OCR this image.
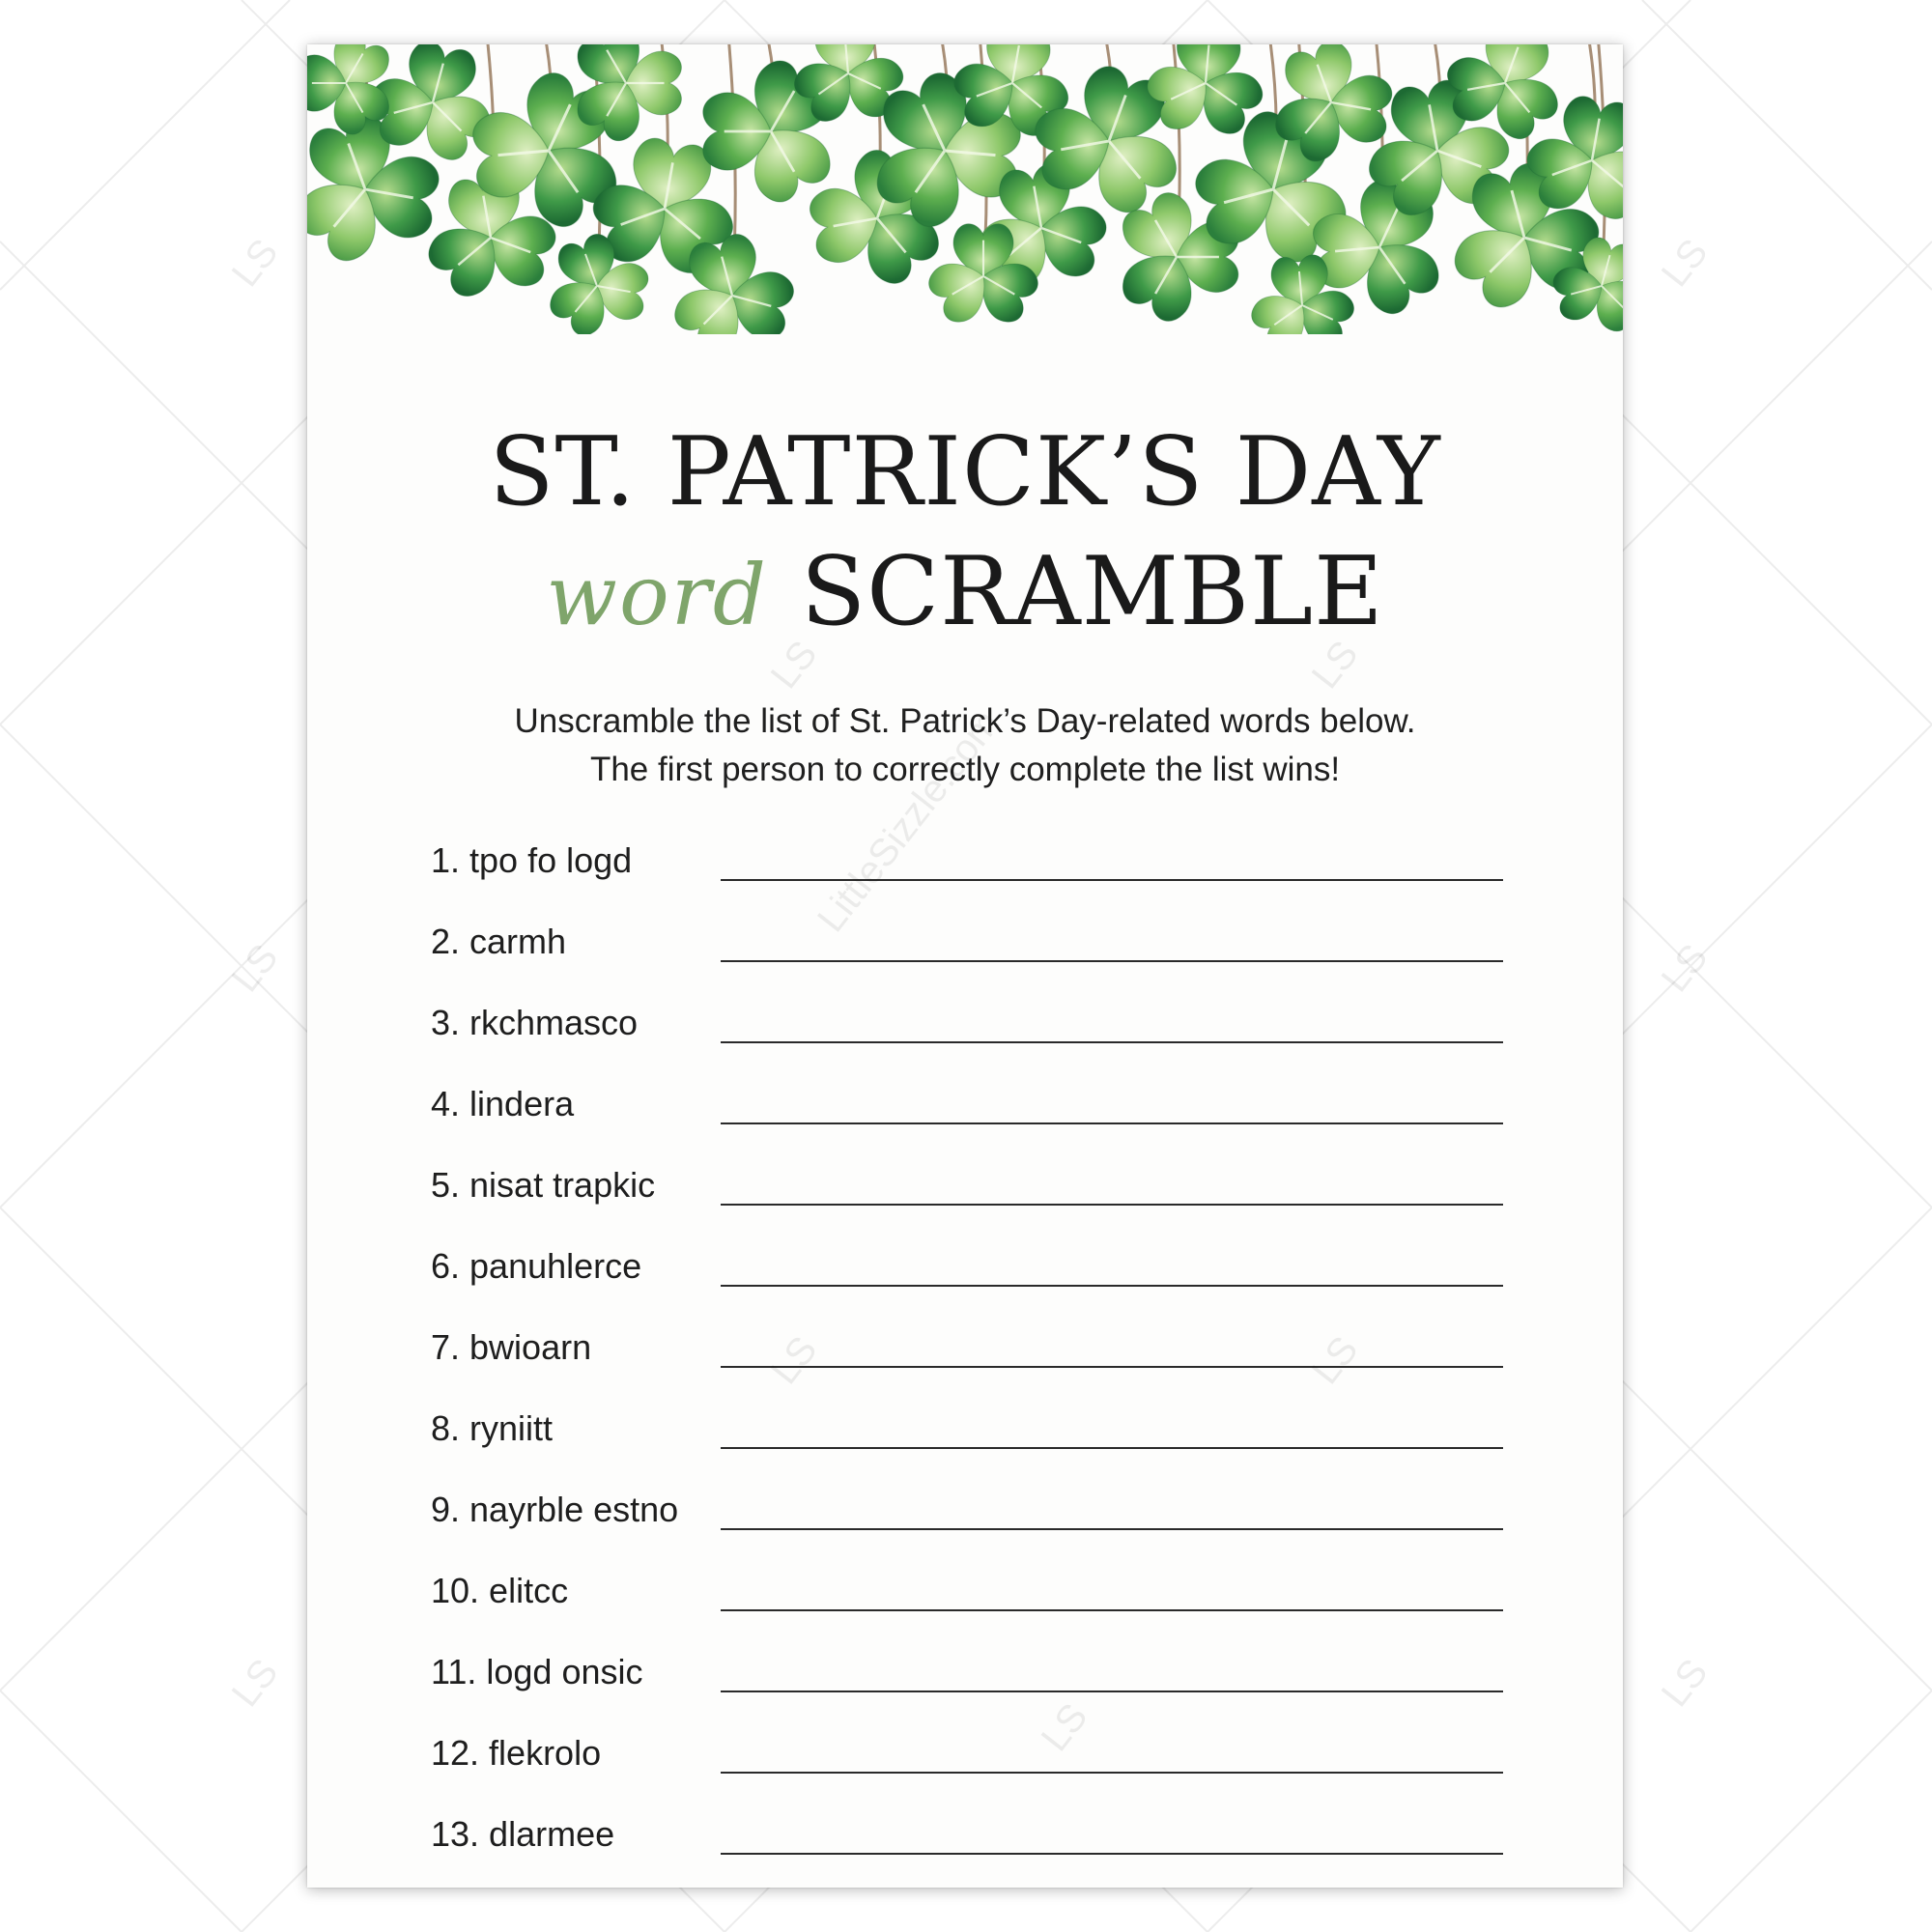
ST. PATRICK’S DAY
word SCRAMBLE
Unscramble the list of St. Patrick’s Day-related words below.
The first person to correctly complete the list wins!
1. tpo fo logd
2. carmh
3. rkchmasco
4. lindera
5. nisat trapkic
6. panuhlerce
7. bwioarn
8. ryniitt
9. nayrble estno
10. elitcc
11. logd onsic
12. flekrolo
13. dlarmee
LittleSizzle.com
LS	LS
LS	LS
LS
LS	LS
LS	LS
LS	LS
